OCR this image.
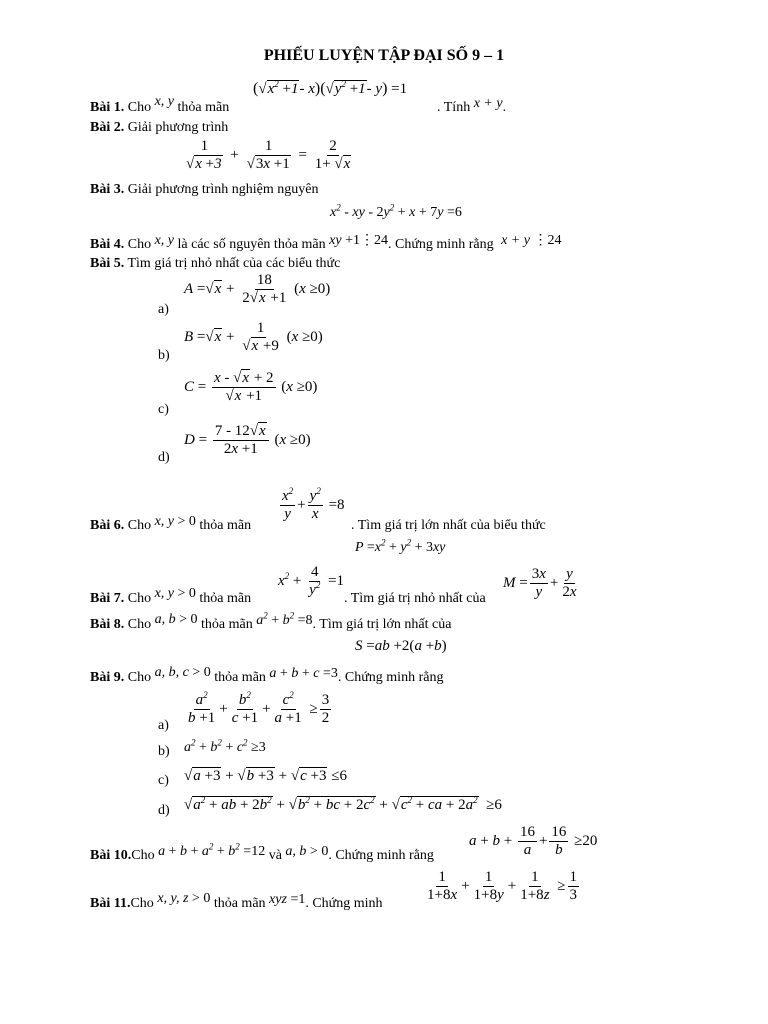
PHIẾU LUYỆN TẬP ĐẠI SỐ 9 – 1
($√x^2 +1-$ $x)(√y^2 +1-$ y) =1
Bài 1. Cho x, y thỏa mãn	. Tính x + y.
Bài 2. Giải phương trình
$\frac{1}{√x +3} + \frac{1}{√3x +1} = \frac{2}{1+ √x}$
Bài 3. Giải phương trình nghiệm nguyên
$x^2$ - xy - $2y^2 + x + 7y =6$
Bài 4. Cho x, y là các số nguyên thỏa mãn xy +1⋮24. Chứng minh rằng x + y ⋮24
Bài 5. Tìm giá trị nhỏ nhất của các biểu thức
$A =√x + \frac{18}{2√x +1} (x \ge 0)$
a)
$B =√x + \frac{1}{√x +9} (x \ge 0)$
b)
$C = \frac{x - √x + 2}{√x +1} (x \ge 0)$
c)
$D = \frac{7 - 12√x}{2x +1} (x \ge 0)$
d)
$\frac{x^2}{y} + \frac{y^2}{x} =8$
Bài 6. Cho x, y > 0 thỏa mãn	. Tìm giá trị lớn nhất của biểu thức
$P =x^2 + y^2 + 3xy$
$x^2 + \frac{4}{y^2} =1$	$M = \frac{3x}{y} + \frac{y}{2x}$
Bài 7. Cho x, y > 0 thỏa mãn	. Tìm giá trị nhỏ nhất của
Bài 8. Cho a, b > 0 thỏa mãn $a^2 + b^2 =8$. Tìm giá trị lớn nhất của
S =ab +2(a +b)
Bài 9. Cho a, b, c > 0 thỏa mãn a + b + c =3. Chứng minh rằng
$\frac{a^2}{b +1} + \frac{b^2}{c +1} + \frac{c^2}{a +1} \ge \frac{3}{2}$
a)
b) $a^2 + b^2 + c^2 \ge 3$
c) √a +3 + √b +3 + √c +3 ≤6
d) $√a^2$ + ab + $2b^2 + √b^2$ + bc + $2c^2 + √c^2$ + ca + $2a^2 \ge 6$
$a + b + \frac{16}{a} + \frac{16}{b} \ge 20$
Bài 10.Cho $a + b + a^2 + b^2 =12$ và a, b > 0. Chứng minh rằng
$\frac{1}{1+8x} + \frac{1}{1+8y} + \frac{1}{1+8z} \ge \frac{1}{3}$
Bài 11.Cho x, y, z > 0 thỏa mãn xyz =1. Chứng minh
